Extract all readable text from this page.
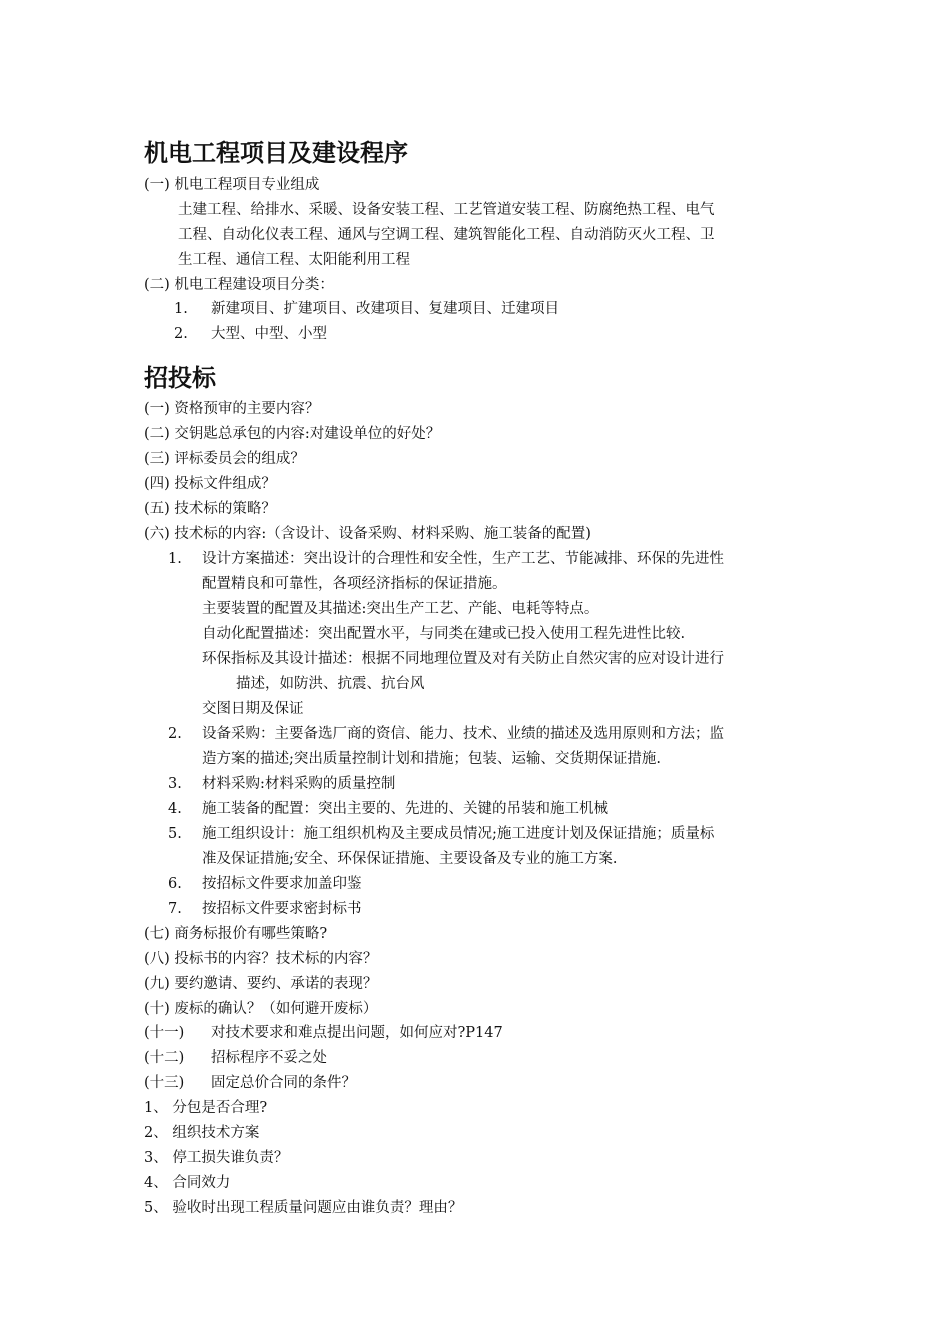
机电工程项目及建设程序
(一) 机电工程项目专业组成
土建工程、给排水、采暖、设备安装工程、工艺管道安装工程、防腐绝热工程、电气
工程、自动化仪表工程、通风与空调工程、建筑智能化工程、自动消防灭火工程、卫
生工程、通信工程、太阳能利用工程
(二) 机电工程建设项目分类：
1. 新建项目、扩建项目、改建项目、复建项目、迁建项目
2. 大型、中型、小型
招投标
(一) 资格预审的主要内容？
(二) 交钥匙总承包的内容:对建设单位的好处？
(三) 评标委员会的组成？
(四) 投标文件组成？
(五) 技术标的策略？
(六) 技术标的内容:（含设计、设备采购、材料采购、施工装备的配置)
1. 设计方案描述：突出设计的合理性和安全性，生产工艺、节能减排、环保的先进性
配置精良和可靠性，各项经济指标的保证措施。
主要装置的配置及其描述:突出生产工艺、产能、电耗等特点。
自动化配置描述：突出配置水平，与同类在建或已投入使用工程先进性比较.
环保指标及其设计描述：根据不同地理位置及对有关防止自然灾害的应对设计进行
描述，如防洪、抗震、抗台风
交图日期及保证
2. 设备采购：主要备选厂商的资信、能力、技术、业绩的描述及选用原则和方法；监
造方案的描述;突出质量控制计划和措施；包装、运输、交货期保证措施.
3. 材料采购:材料采购的质量控制
4. 施工装备的配置：突出主要的、先进的、关键的吊装和施工机械
5. 施工组织设计：施工组织机构及主要成员情况;施工进度计划及保证措施；质量标
准及保证措施;安全、环保保证措施、主要设备及专业的施工方案.
6. 按招标文件要求加盖印鉴
7. 按招标文件要求密封标书
(七) 商务标报价有哪些策略?
(八) 投标书的内容？技术标的内容？
(九) 要约邀请、要约、承诺的表现？
(十) 废标的确认？（如何避开废标）
(十一) 对技术要求和难点提出问题，如何应对?P147
(十二) 招标程序不妥之处
(十三) 固定总价合同的条件？
1、 分包是否合理?
2、 组织技术方案
3、 停工损失谁负责？
4、 合同效力
5、 验收时出现工程质量问题应由谁负责？理由？
